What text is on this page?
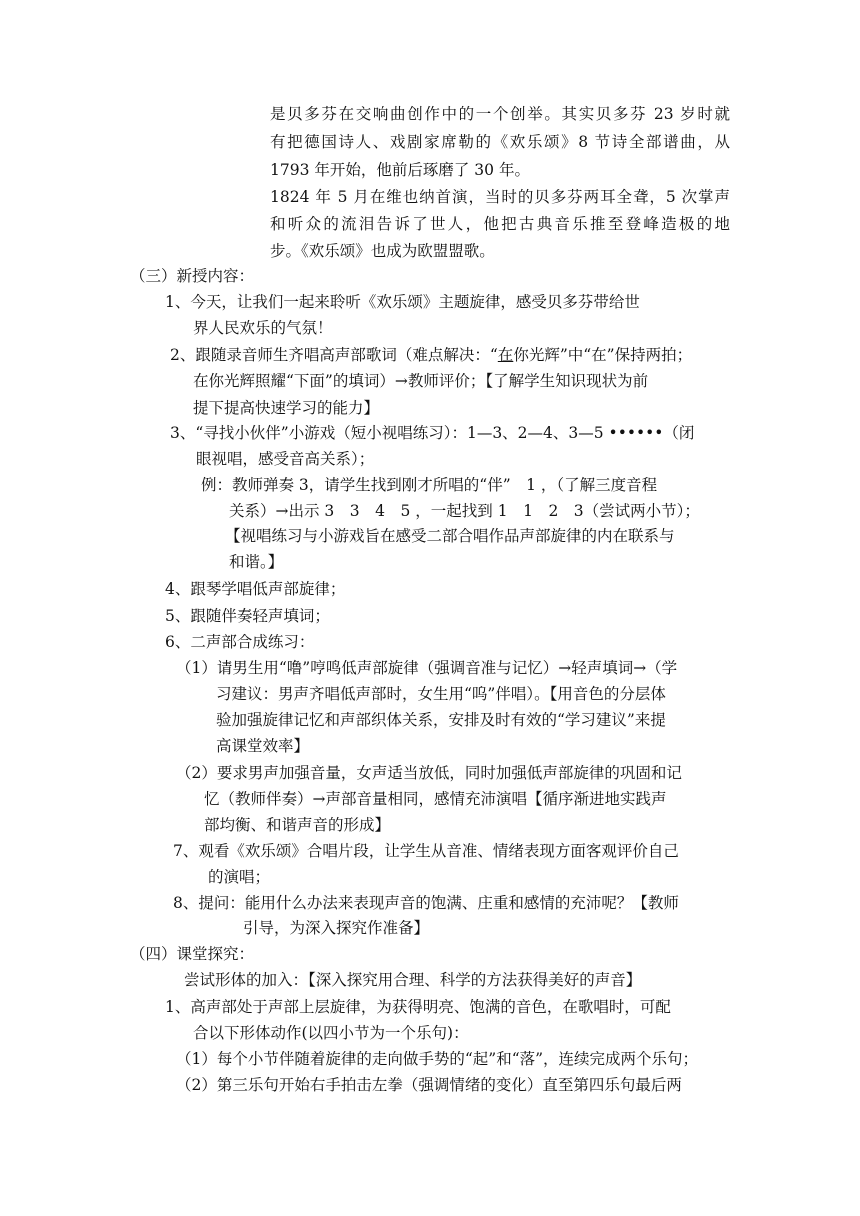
是贝多芬在交响曲创作中的一个创举。其实贝多芬 23 岁时就
有把德国诗人、戏剧家席勒的《欢乐颂》8 节诗全部谱曲，从
1793 年开始，他前后琢磨了 30 年。
1824 年 5 月在维也纳首演，当时的贝多芬两耳全聋，5 次掌声
和听众的流泪告诉了世人，他把古典音乐推至登峰造极的地
步。《欢乐颂》也成为欧盟盟歌。
（三）新授内容：
1、今天，让我们一起来聆听《欢乐颂》主题旋律，感受贝多芬带给世
界人民欢乐的气氛！
2、跟随录音师生齐唱高声部歌词（难点解决：“在你光辉”中“在”保持两拍；
在你光辉照耀“下面”的填词）→教师评价；【了解学生知识现状为前
提下提高快速学习的能力】
3、“寻找小伙伴”小游戏（短小视唱练习）：1—3、2—4、3—5 ••••••（闭
眼视唱，感受音高关系）；
例：教师弹奏 3，请学生找到刚才所唱的“伴”　1 ，（了解三度音程
关系）→出示 3　3　4　5 ，一起找到 1　1　2　3（尝试两小节）；
【视唱练习与小游戏旨在感受二部合唱作品声部旋律的内在联系与
和谐。】
4、跟琴学唱低声部旋律；
5、跟随伴奏轻声填词；
6、二声部合成练习：
（1）请男生用“噜”哼鸣低声部旋律（强调音准与记忆）→轻声填词→（学
习建议：男声齐唱低声部时，女生用“呜”伴唱）。【用音色的分层体
验加强旋律记忆和声部织体关系，安排及时有效的“学习建议”来提
高课堂效率】
（2）要求男声加强音量，女声适当放低，同时加强低声部旋律的巩固和记
忆（教师伴奏）→声部音量相同，感情充沛演唱【循序渐进地实践声
部均衡、和谐声音的形成】
7、观看《欢乐颂》合唱片段，让学生从音准、情绪表现方面客观评价自己
的演唱；
8、提问：能用什么办法来表现声音的饱满、庄重和感情的充沛呢？【教师
引导，为深入探究作准备】
（四）课堂探究：
尝试形体的加入：【深入探究用合理、科学的方法获得美好的声音】
1、高声部处于声部上层旋律，为获得明亮、饱满的音色，在歌唱时，可配
合以下形体动作(以四小节为一个乐句)：
（1）每个小节伴随着旋律的走向做手势的“起”和“落”，连续完成两个乐句；
（2）第三乐句开始右手拍击左拳（强调情绪的变化）直至第四乐句最后两
